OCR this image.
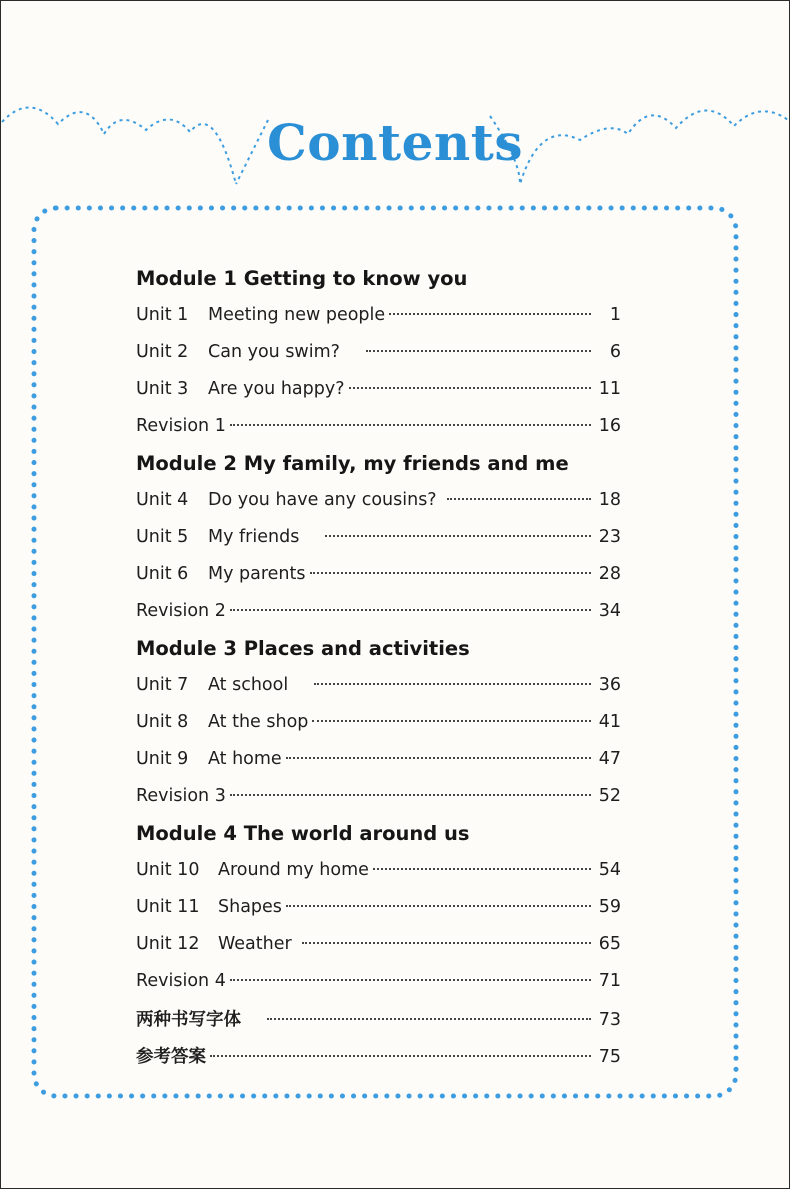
Contents
Module 1 Getting to know you
Unit 1	Meeting new people	1
Unit 2	Can you swim?	6
Unit 3	Are you happy?	11
Revision 1	16
Module 2 My family, my friends and me
Unit 4	Do you have any cousins?	18
Unit 5	My friends	23
Unit 6	My parents	28
Revision 2	34
Module 3 Places and activities
Unit 7	At school	36
Unit 8	At the shop	41
Unit 9	At home	47
Revision 3	52
Module 4 The world around us
Unit 10	Around my home	54
Unit 11	Shapes	59
Unit 12	Weather	65
Revision 4	71
两种书写字体	73
参考答案	75
